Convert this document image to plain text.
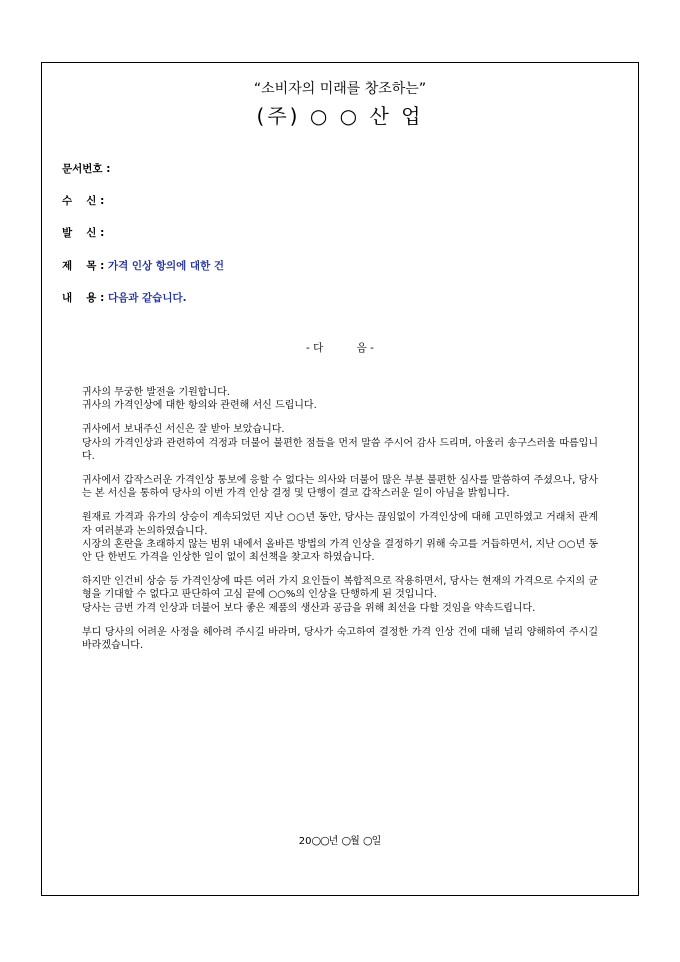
“소비자의 미래를 창조하는”
(주) ○ ○ 산 업
문서번호 :
수　 신 :
발　 신 :
제　 목 : 가격 인상 항의에 대한 건
내　 용 : 다음과 같습니다.
- 다          음 -

귀사의 무궁한 발전을 기원합니다.
귀사의 가격인상에 대한 항의와 관련해 서신 드립니다.

귀사에서 보내주신 서신은 잘 받아 보았습니다.
당사의 가격인상과 관련하여 걱정과 더불어 불편한 점들을 먼저 말씀 주시어 감사 드리며, 아울러 송구스러울 따름입니다.

귀사에서 갑작스러운 가격인상 통보에 응할 수 없다는 의사와 더불어 많은 부분 불편한 심사를 말씀하여 주셨으나, 당사는 본 서신을 통하여 당사의 이번 가격 인상 결정 및 단행이 결코 갑작스러운 일이 아님을 밝힙니다.

원재료 가격과 유가의 상승이 계속되었던 지난 ○○년 동안, 당사는 끊임없이 가격인상에 대해 고민하였고 거래처 관계자 여러분과 논의하였습니다.
시장의 혼란을 초래하지 않는 범위 내에서 올바른 방법의 가격 인상을 결정하기 위해 숙고를 거듭하면서, 지난 ○○년 동안 단 한번도 가격을 인상한 일이 없이 최선책을 찾고자 하였습니다.

하지만 인건비 상승 등 가격인상에 따른 여러 가지 요인들이 복합적으로 작용하면서, 당사는 현재의 가격으로 수지의 균형을 기대할 수 없다고 판단하여 고심 끝에 ○○%의 인상을 단행하게 된 것입니다.
당사는 금번 가격 인상과 더불어 보다 좋은 제품의 생산과 공급을 위해 최선을 다할 것임을 약속드립니다.

부디 당사의 어려운 사정을 헤아려 주시길 바라며, 당사가 숙고하여 결정한 가격 인상 건에 대해 널리 양해하여 주시길 바라겠습니다.

20○○년 ○월 ○일
